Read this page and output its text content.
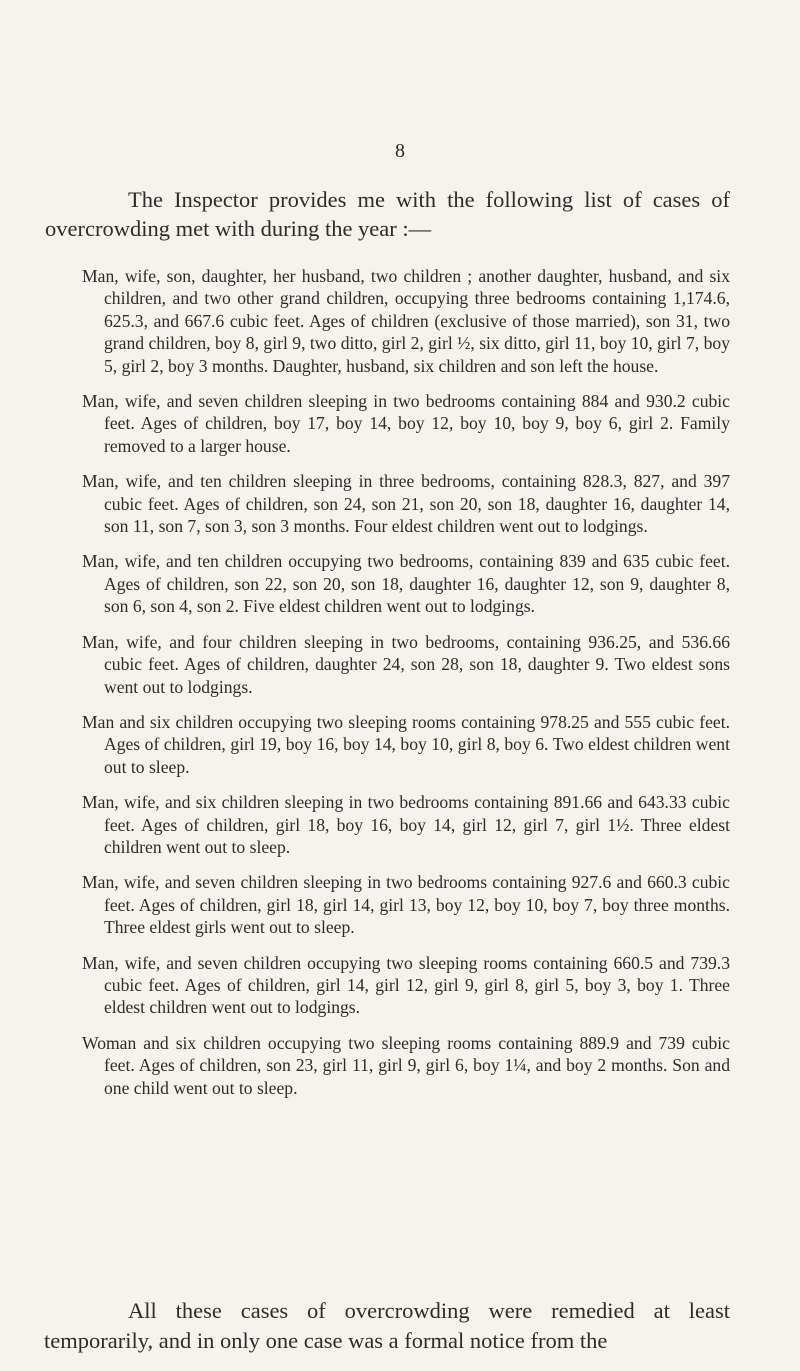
8

The Inspector provides me with the following list of cases of overcrowding met with during the year :—

Man, wife, son, daughter, her husband, two children ; another daughter, husband, and six children, and two other grand children, occupying three bedrooms containing 1,174.6, 625.3, and 667.6 cubic feet. Ages of children (exclusive of those married), son 31, two grand children, boy 8, girl 9, two ditto, girl 2, girl ½, six ditto, girl 11, boy 10, girl 7, boy 5, girl 2, boy 3 months. Daughter, husband, six children and son left the house.
Man, wife, and seven children sleeping in two bedrooms containing 884 and 930.2 cubic feet. Ages of children, boy 17, boy 14, boy 12, boy 10, boy 9, boy 6, girl 2. Family removed to a larger house.
Man, wife, and ten children sleeping in three bedrooms, containing 828.3, 827, and 397 cubic feet. Ages of children, son 24, son 21, son 20, son 18, daughter 16, daughter 14, son 11, son 7, son 3, son 3 months. Four eldest children went out to lodgings.
Man, wife, and ten children occupying two bedrooms, containing 839 and 635 cubic feet. Ages of children, son 22, son 20, son 18, daughter 16, daughter 12, son 9, daughter 8, son 6, son 4, son 2. Five eldest children went out to lodgings.
Man, wife, and four children sleeping in two bedrooms, containing 936.25, and 536.66 cubic feet. Ages of children, daughter 24, son 28, son 18, daughter 9. Two eldest sons went out to lodgings.
Man and six children occupying two sleeping rooms containing 978.25 and 555 cubic feet. Ages of children, girl 19, boy 16, boy 14, boy 10, girl 8, boy 6. Two eldest children went out to sleep.
Man, wife, and six children sleeping in two bedrooms containing 891.66 and 643.33 cubic feet. Ages of children, girl 18, boy 16, boy 14, girl 12, girl 7, girl 1½. Three eldest children went out to sleep.
Man, wife, and seven children sleeping in two bedrooms containing 927.6 and 660.3 cubic feet. Ages of children, girl 18, girl 14, girl 13, boy 12, boy 10, boy 7, boy three months. Three eldest girls went out to sleep.
Man, wife, and seven children occupying two sleeping rooms containing 660.5 and 739.3 cubic feet. Ages of children, girl 14, girl 12, girl 9, girl 8, girl 5, boy 3, boy 1. Three eldest children went out to lodgings.
Woman and six children occupying two sleeping rooms containing 889.9 and 739 cubic feet. Ages of children, son 23, girl 11, girl 9, girl 6, boy 1¼, and boy 2 months. Son and one child went out to sleep.

All these cases of overcrowding were remedied at least temporarily, and in only one case was a formal notice from the
